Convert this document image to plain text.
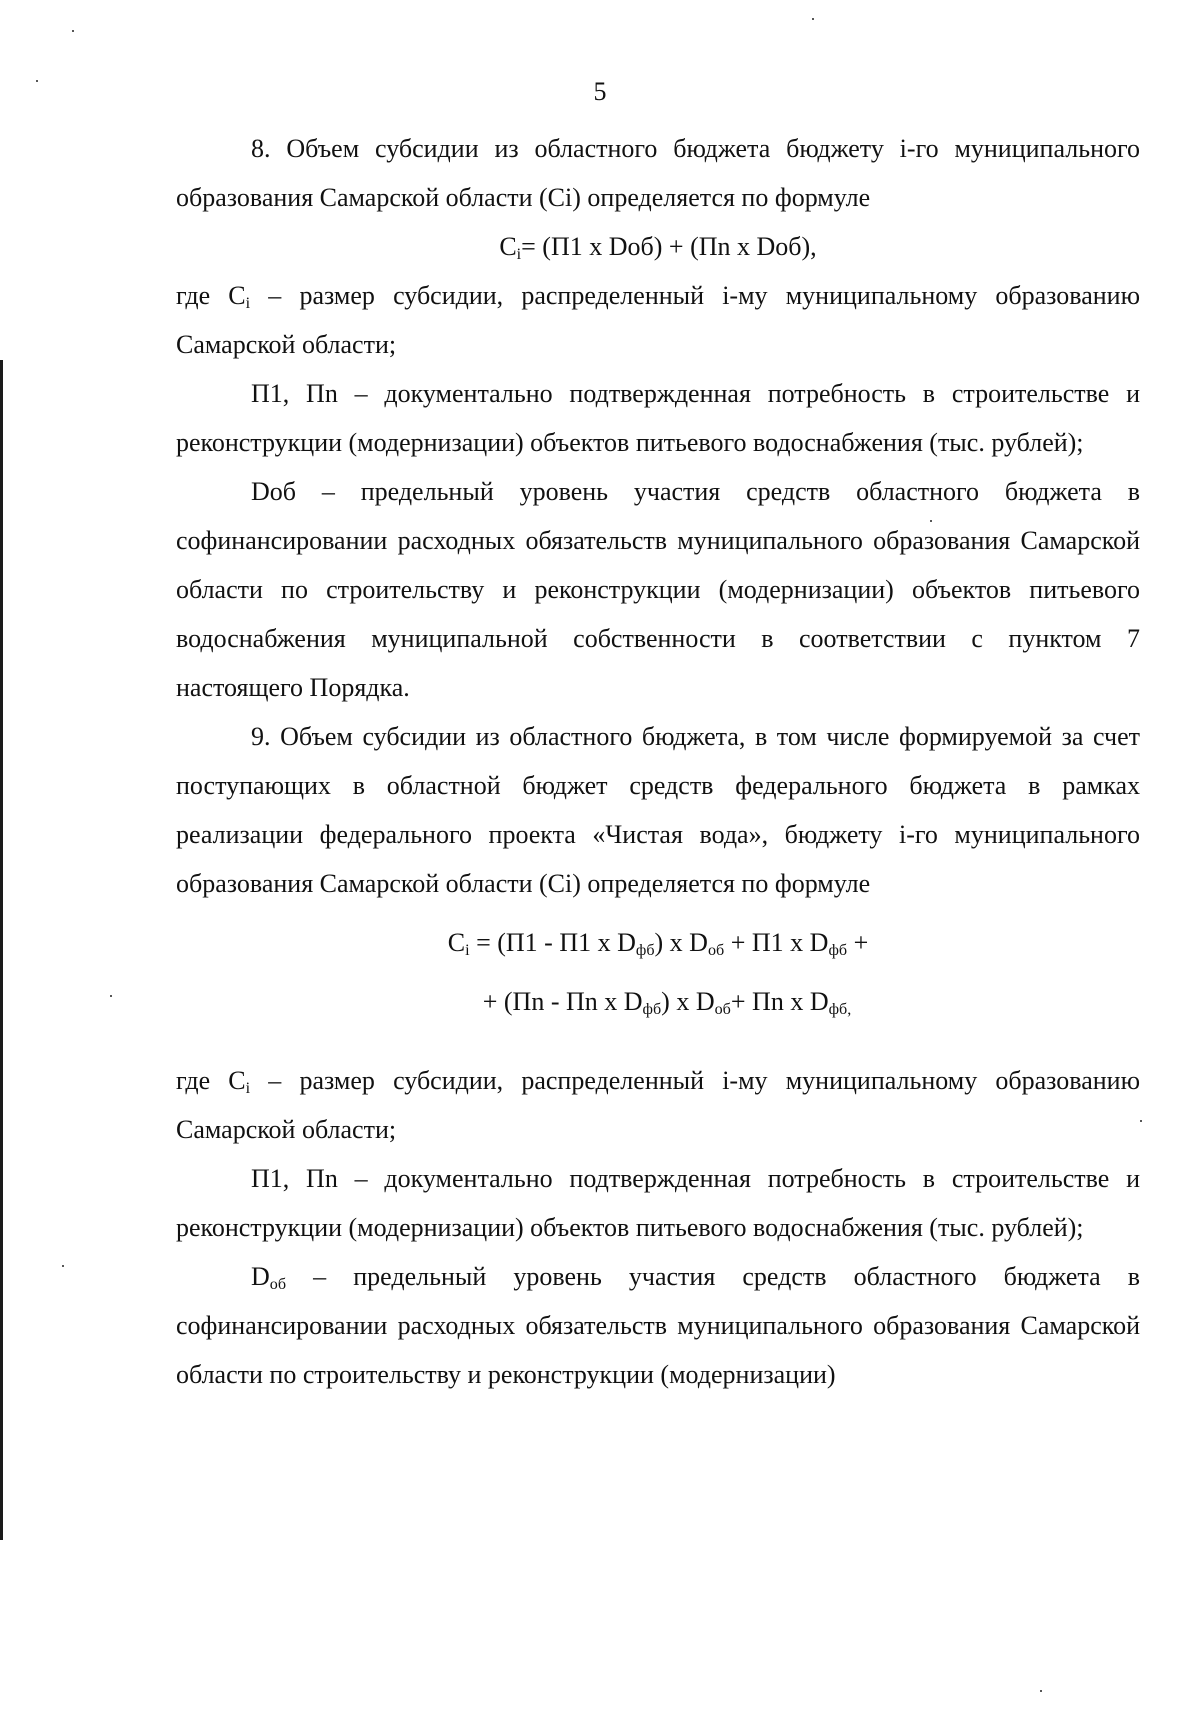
5

8. Объем субсидии из областного бюджета бюджету i-го муниципального образования Самарской области (Ci) определяется по формуле

$C_i= (П1$ х Dоб) + (Пn х Dоб),

где $C_i$ – размер субсидии, распределенный i-му муниципальному образованию Самарской области;

П1, Пn – документально подтвержденная потребность в строительстве и реконструкции (модернизации) объектов питьевого водоснабжения (тыс. рублей);

Dоб – предельный уровень участия средств областного бюджета в софинансировании расходных обязательств муниципального образования Самарской области по строительству и реконструкции (модернизации) объектов питьевого водоснабжения муниципальной собственности в соответствии с пунктом 7 настоящего Порядка.

9. Объем субсидии из областного бюджета, в том числе формируемой за счет поступающих в областной бюджет средств федерального бюджета в рамках реализации федерального проекта «Чистая вода», бюджету i-го муниципального образования Самарской области (Ci) определяется по формуле

$C_i = (П1 - П1$ х $D_{фб}$) х $D_{об} + П1$ х $D_{фб}$ +
+ (Пn - Пn х $D_{фб}$) х $D_{об}+$ Пn х $D_{фб,}$

где $C_i$ – размер субсидии, распределенный i-му муниципальному образованию Самарской области;

П1, Пn – документально подтвержденная потребность в строительстве и реконструкции (модернизации) объектов питьевого водоснабжения (тыс. рублей);

$D_{об}$ – предельный уровень участия средств областного бюджета в софинансировании расходных обязательств муниципального образования Самарской области по строительству и реконструкции (модернизации)
